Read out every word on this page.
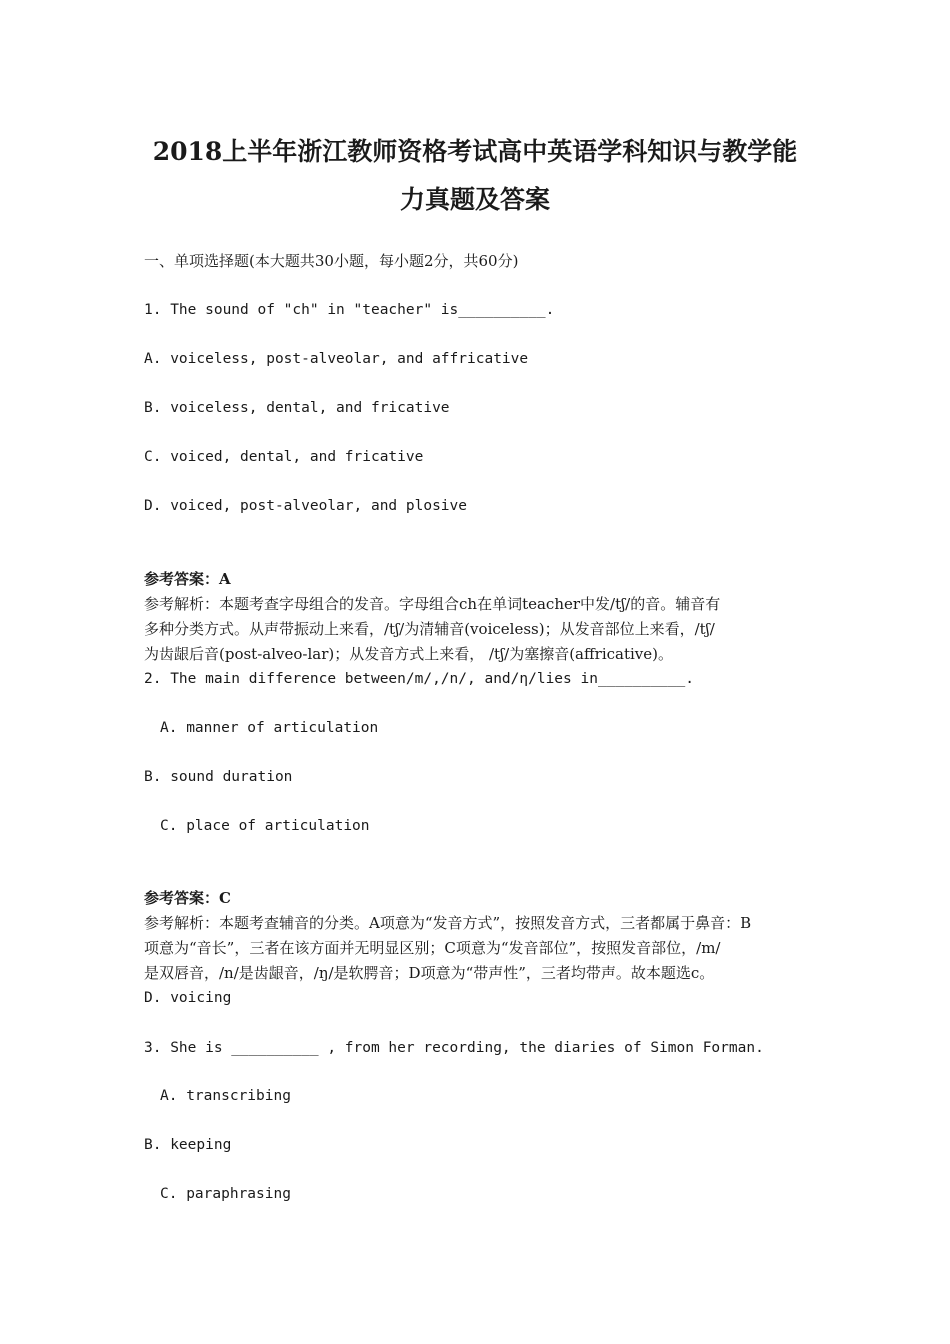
2018上半年浙江教师资格考试高中英语学科知识与教学能
力真题及答案
一、单项选择题(本大题共30小题，每小题2分，共60分)
1. The sound of "ch" in "teacher" is__________.
A. voiceless, post-alveolar, and affricative
B. voiceless, dental, and fricative
C. voiced, dental, and fricative
D. voiced, post-alveolar, and plosive
参考答案：A
参考解析：本题考查字母组合的发音。字母组合ch在单词teacher中发/tʃ/的音。辅音有
多种分类方式。从声带振动上来看，/tʃ/为清辅音(voiceless)；从发音部位上来看，/tʃ/
为齿龈后音(post-alveo-lar)；从发音方式上来看， /tʃ/为塞擦音(affricative)。
2. The main difference between/m/,/n/, and/η/lies in__________.
A. manner of articulation
B. sound duration
C. place of articulation
参考答案：C
参考解析：本题考查辅音的分类。A项意为“发音方式”，按照发音方式，三者都属于鼻音：B
项意为“音长”，三者在该方面并无明显区别；C项意为“发音部位”，按照发音部位，/m/
是双唇音，/n/是齿龈音，/ŋ/是软腭音；D项意为“带声性”，三者均带声。故本题选c。
D. voicing
3. She is __________ , from her recording, the diaries of Simon Forman.
A. transcribing
B. keeping
C. paraphrasing
